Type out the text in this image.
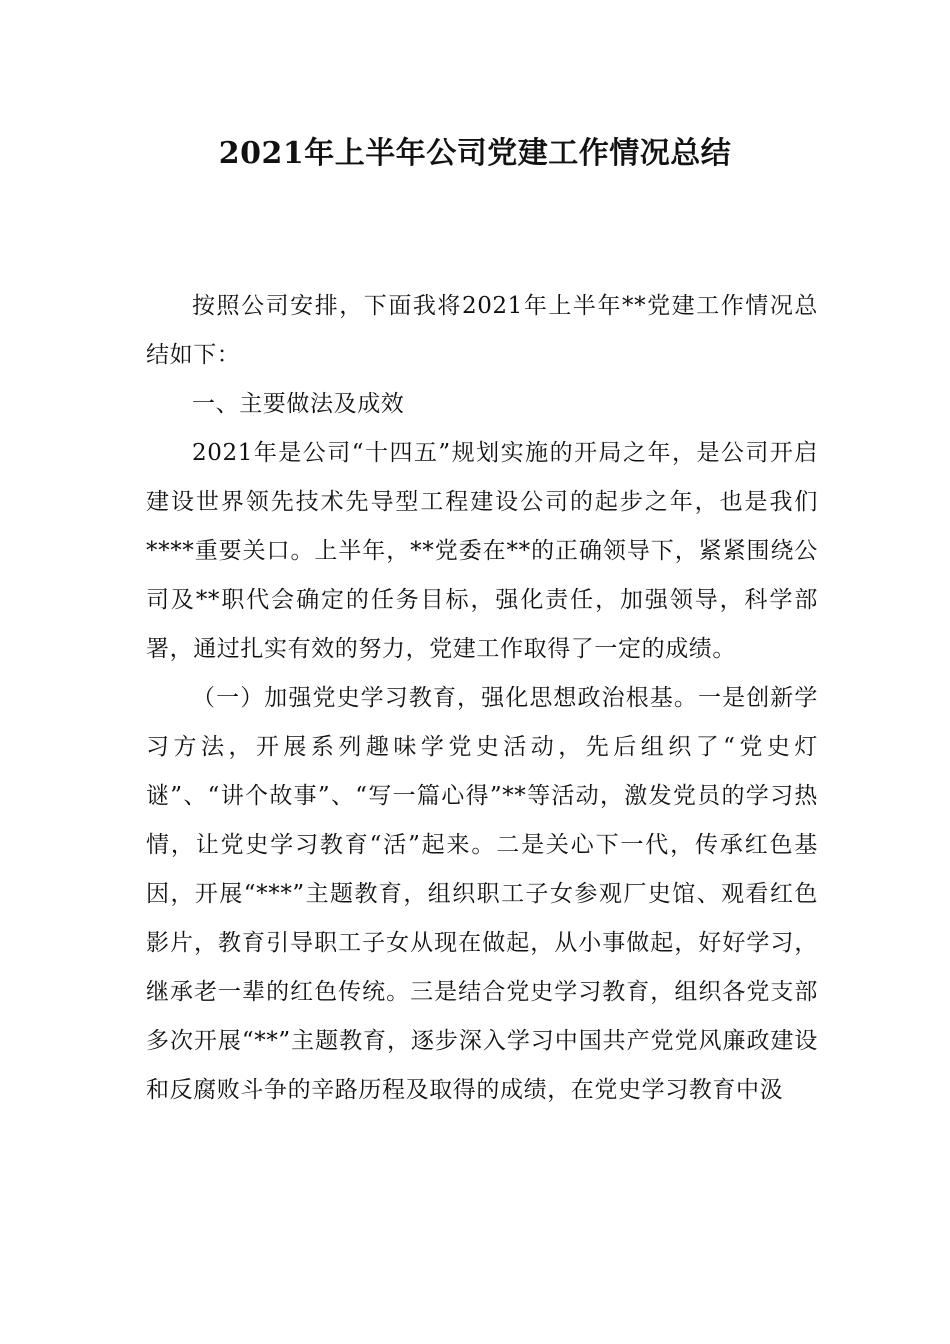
2021年上半年公司党建工作情况总结

按照公司安排，下面我将2021年上半年**党建工作情况总结如下：

一、主要做法及成效

2021年是公司“十四五”规划实施的开局之年，是公司开启建设世界领先技术先导型工程建设公司的起步之年，也是我们****重要关口。上半年，**党委在**的正确领导下，紧紧围绕公司及**职代会确定的任务目标，强化责任，加强领导，科学部署，通过扎实有效的努力，党建工作取得了一定的成绩。

（一）加强党史学习教育，强化思想政治根基。一是创新学习方法，开展系列趣味学党史活动，先后组织了“党史灯谜”、“讲个故事”、“写一篇心得”**等活动，激发党员的学习热情，让党史学习教育“活”起来。二是关心下一代，传承红色基因，开展“***”主题教育，组织职工子女参观厂史馆、观看红色影片，教育引导职工子女从现在做起，从小事做起，好好学习，继承老一辈的红色传统。三是结合党史学习教育，组织各党支部多次开展“**”主题教育，逐步深入学习中国共产党党风廉政建设和反腐败斗争的辛路历程及取得的成绩，在党史学习教育中汲
